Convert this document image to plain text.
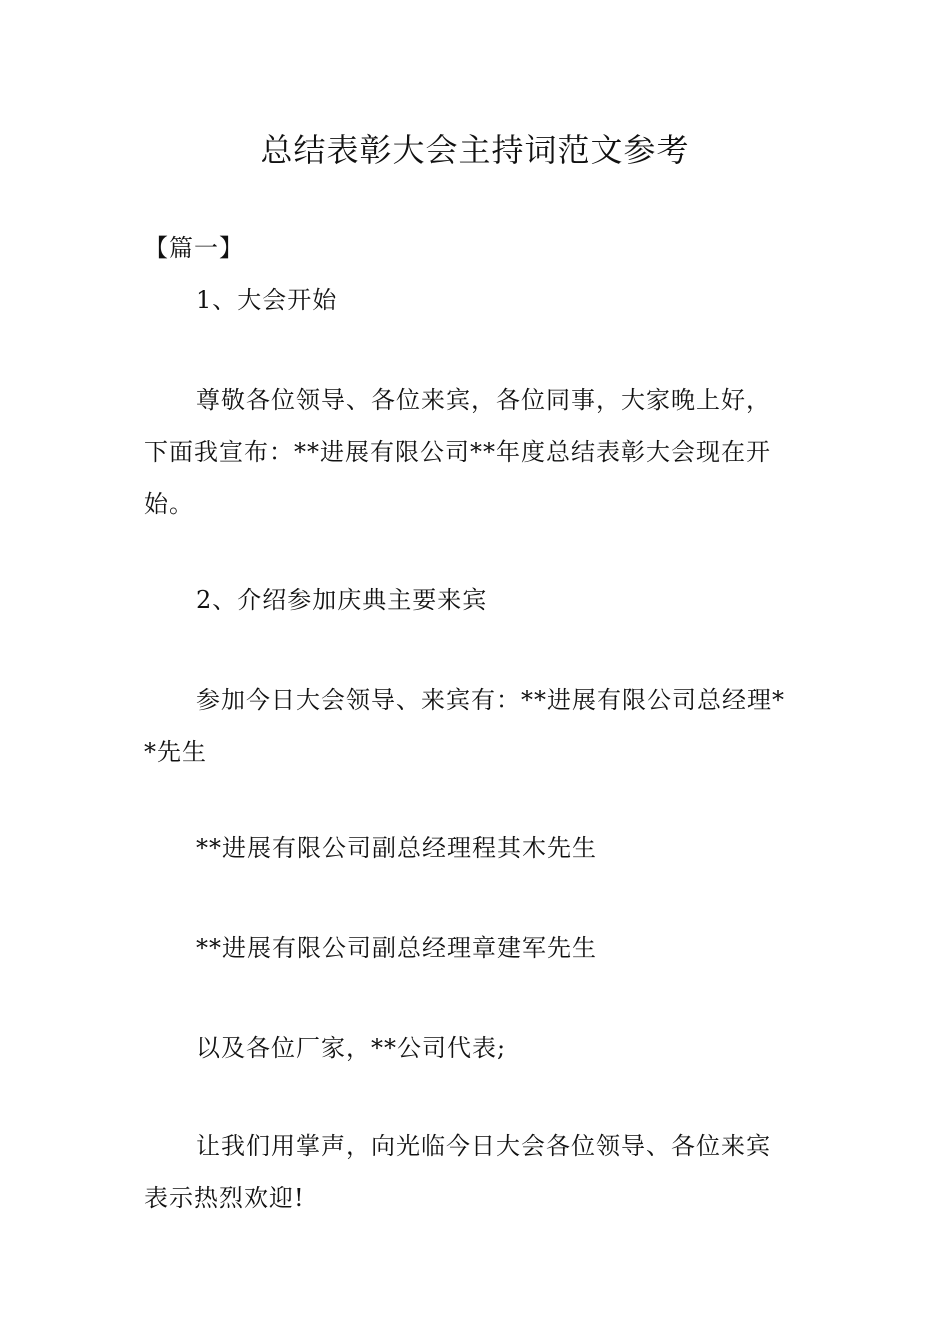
总结表彰大会主持词范文参考

【篇一】

1、大会开始

尊敬各位领导、各位来宾，各位同事，大家晚上好，
下面我宣布：**进展有限公司**年度总结表彰大会现在开
始。

2、介绍参加庆典主要来宾

参加今日大会领导、来宾有：**进展有限公司总经理*
*先生

**进展有限公司副总经理程其木先生

**进展有限公司副总经理章建军先生

以及各位厂家，**公司代表;

让我们用掌声，向光临今日大会各位领导、各位来宾
表示热烈欢迎!
